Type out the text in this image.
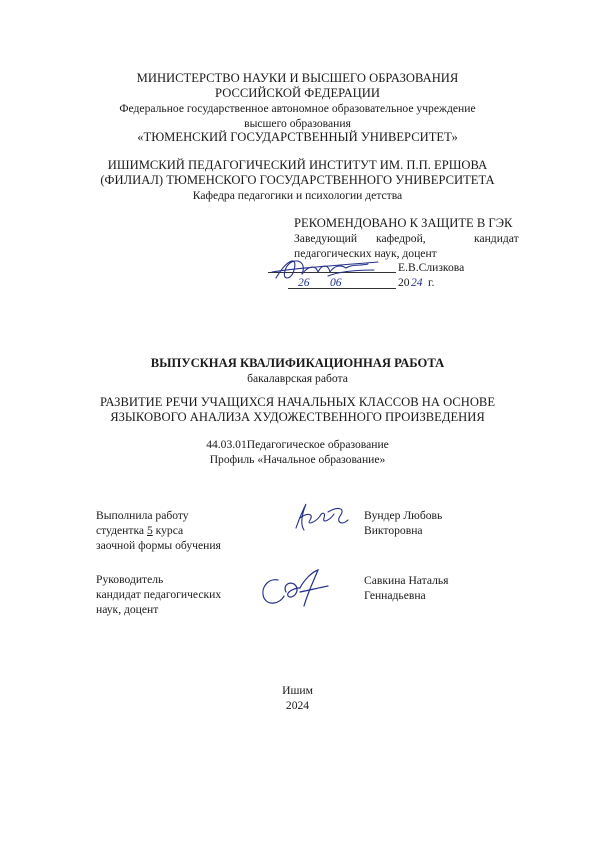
МИНИСТЕРСТВО НАУКИ И ВЫСШЕГО ОБРАЗОВАНИЯ
РОССИЙСКОЙ ФЕДЕРАЦИИ
Федеральное государственное автономное образовательное учреждение
высшего образования
«ТЮМЕНСКИЙ ГОСУДАРСТВЕННЫЙ УНИВЕРСИТЕТ»
ИШИМСКИЙ ПЕДАГОГИЧЕСКИЙ ИНСТИТУТ ИМ. П.П. ЕРШОВА
(ФИЛИАЛ) ТЮМЕНСКОГО ГОСУДАРСТВЕННОГО УНИВЕРСИТЕТА
Кафедра педагогики и психологии детства
РЕКОМЕНДОВАНО К ЗАЩИТЕ В ГЭК
Заведующий кафедрой,	кандидат
педагогических наук, доцент
Е.В.Слизкова
26 06	20 24 г.
ВЫПУСКНАЯ КВАЛИФИКАЦИОННАЯ РАБОТА
бакалаврская работа
РАЗВИТИЕ РЕЧИ УЧАЩИХСЯ НАЧАЛЬНЫХ КЛАССОВ НА ОСНОВЕ
ЯЗЫКОВОГО АНАЛИЗА ХУДОЖЕСТВЕННОГО ПРОИЗВЕДЕНИЯ
44.03.01Педагогическое образование
Профиль «Начальное образование»
Выполнила работу
студентка 5 курса
заочной формы обучения
Вундер Любовь
Викторовна
Руководитель
кандидат педагогических
наук, доцент
Савкина Наталья
Геннадьевна
Ишим
2024
